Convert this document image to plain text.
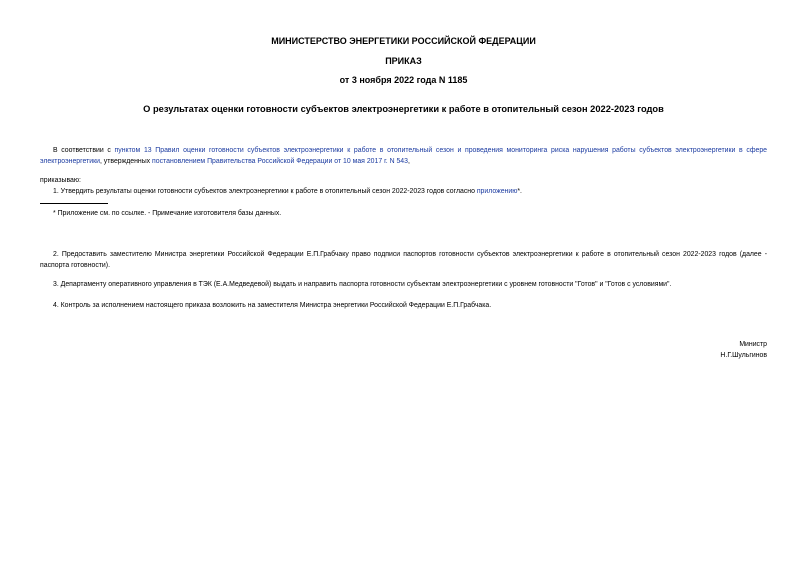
МИНИСТЕРСТВО ЭНЕРГЕТИКИ РОССИЙСКОЙ ФЕДЕРАЦИИ
ПРИКАЗ
от 3 ноября 2022 года N 1185
О результатах оценки готовности субъектов электроэнергетики к работе в отопительный сезон 2022-2023 годов
В соответствии с пунктом 13 Правил оценки готовности субъектов электроэнергетики к работе в отопительный сезон и проведения мониторинга риска нарушения работы субъектов электроэнергетики в сфере электроэнергетики, утвержденных постановлением Правительства Российской Федерации от 10 мая 2017 г. N 543,
приказываю:
1. Утвердить результаты оценки готовности субъектов электроэнергетики к работе в отопительный сезон 2022-2023 годов согласно приложению*.
* Приложение см. по ссылке. - Примечание изготовителя базы данных.
2. Предоставить заместителю Министра энергетики Российской Федерации Е.П.Грабчаку право подписи паспортов готовности субъектов электроэнергетики к работе в отопительный сезон 2022-2023 годов (далее - паспорта готовности).
3. Департаменту оперативного управления в ТЭК (Е.А.Медведевой) выдать и направить паспорта готовности субъектам электроэнергетики с уровнем готовности "Готов" и "Готов с условиями".
4. Контроль за исполнением настоящего приказа возложить на заместителя Министра энергетики Российской Федерации Е.П.Грабчака.
Министр
Н.Г.Шульгинов
